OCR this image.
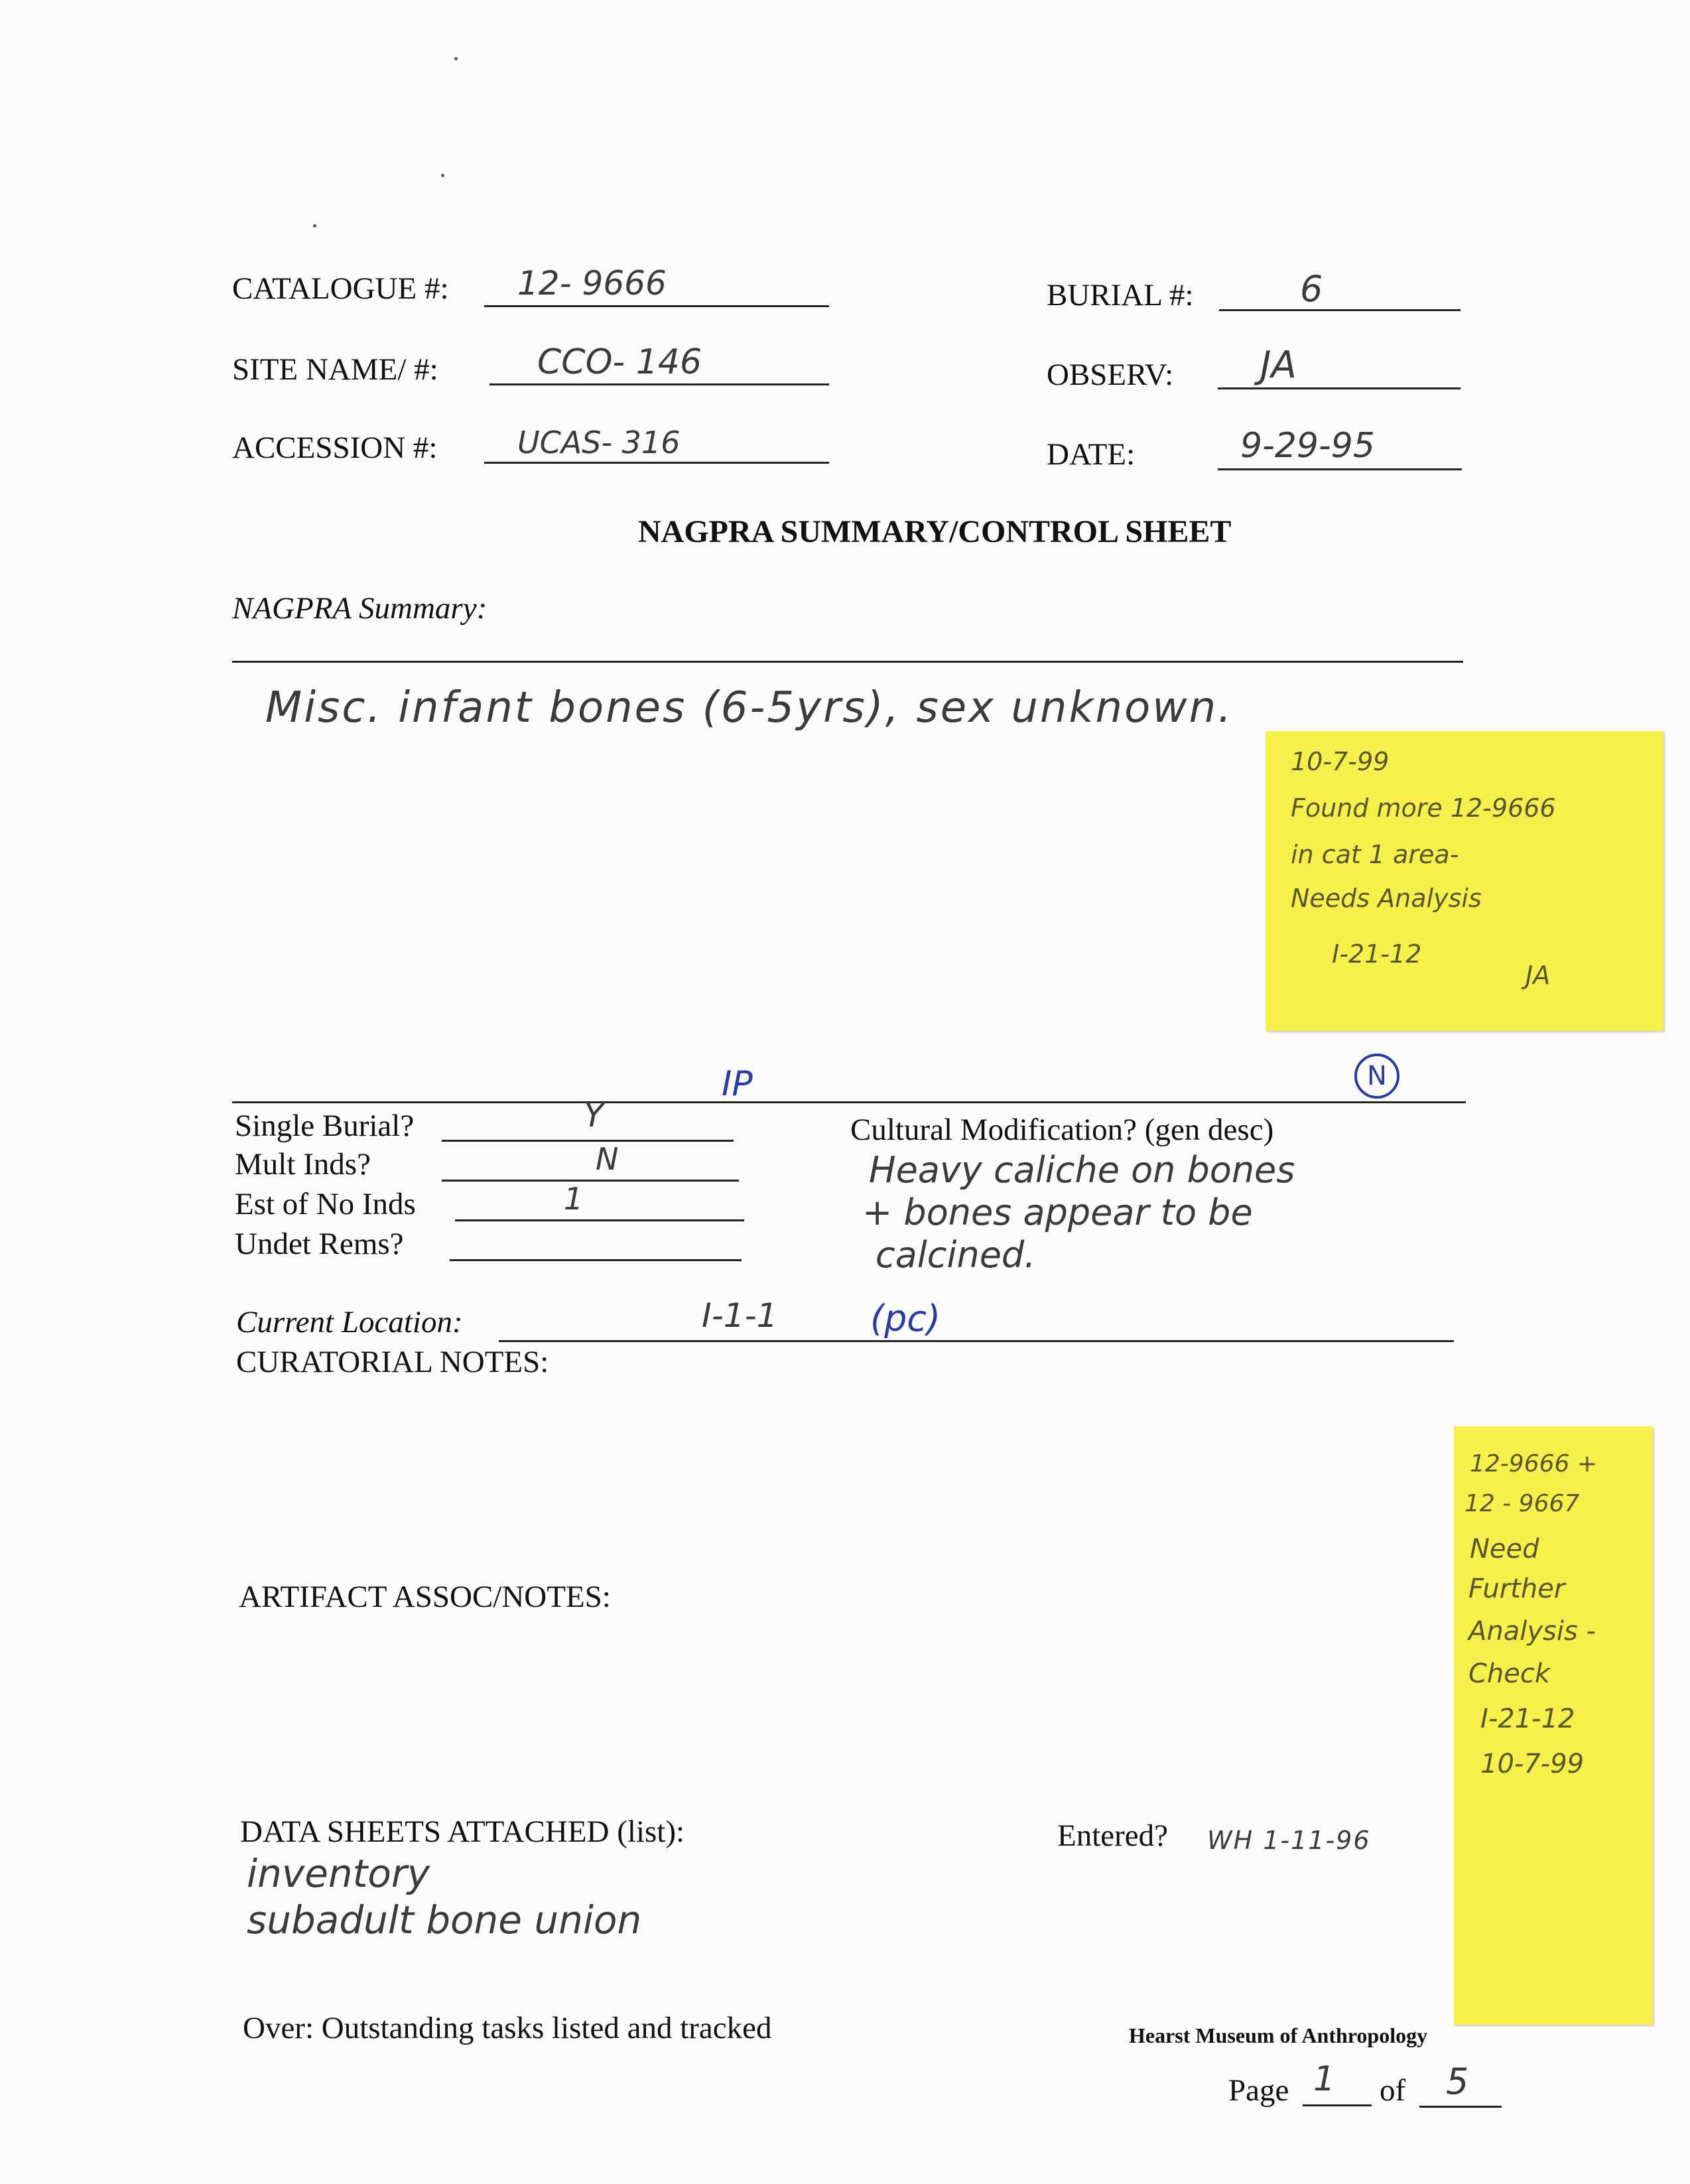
CATALOGUE #: 12- 9666	BURIAL #:	6
SITE NAME/ #:	CCO- 146	OBSERV: JA
ACCESSION #:	UCAS- 316	DATE:	9-29-95
NAGPRA SUMMARY/CONTROL SHEET
NAGPRA Summary:
Misc. infant bones (6-5yrs), sex unknown.
10-7-99
Found more 12-9666
in cat 1 area-
Needs Analysis
I-21-12
JA
IP	N
Single Burial?	Y
Mult Inds?	N
Est of No Inds	1
Undet Rems?
Cultural Modification? (gen desc)
Heavy caliche on bones
+ bones appear to be
calcined.
Current Location:	I-1-1	(pc)
CURATORIAL NOTES:
ARTIFACT ASSOC/NOTES:
12-9666 +
12 - 9667
Need
Further
Analysis -
Check
I-21-12
10-7-99
DATA SHEETS ATTACHED (list):
inventory
subadult bone union
Entered? WH 1-11-96
Over: Outstanding tasks listed and tracked	Hearst Museum of Anthropology
Page 1 of 5
